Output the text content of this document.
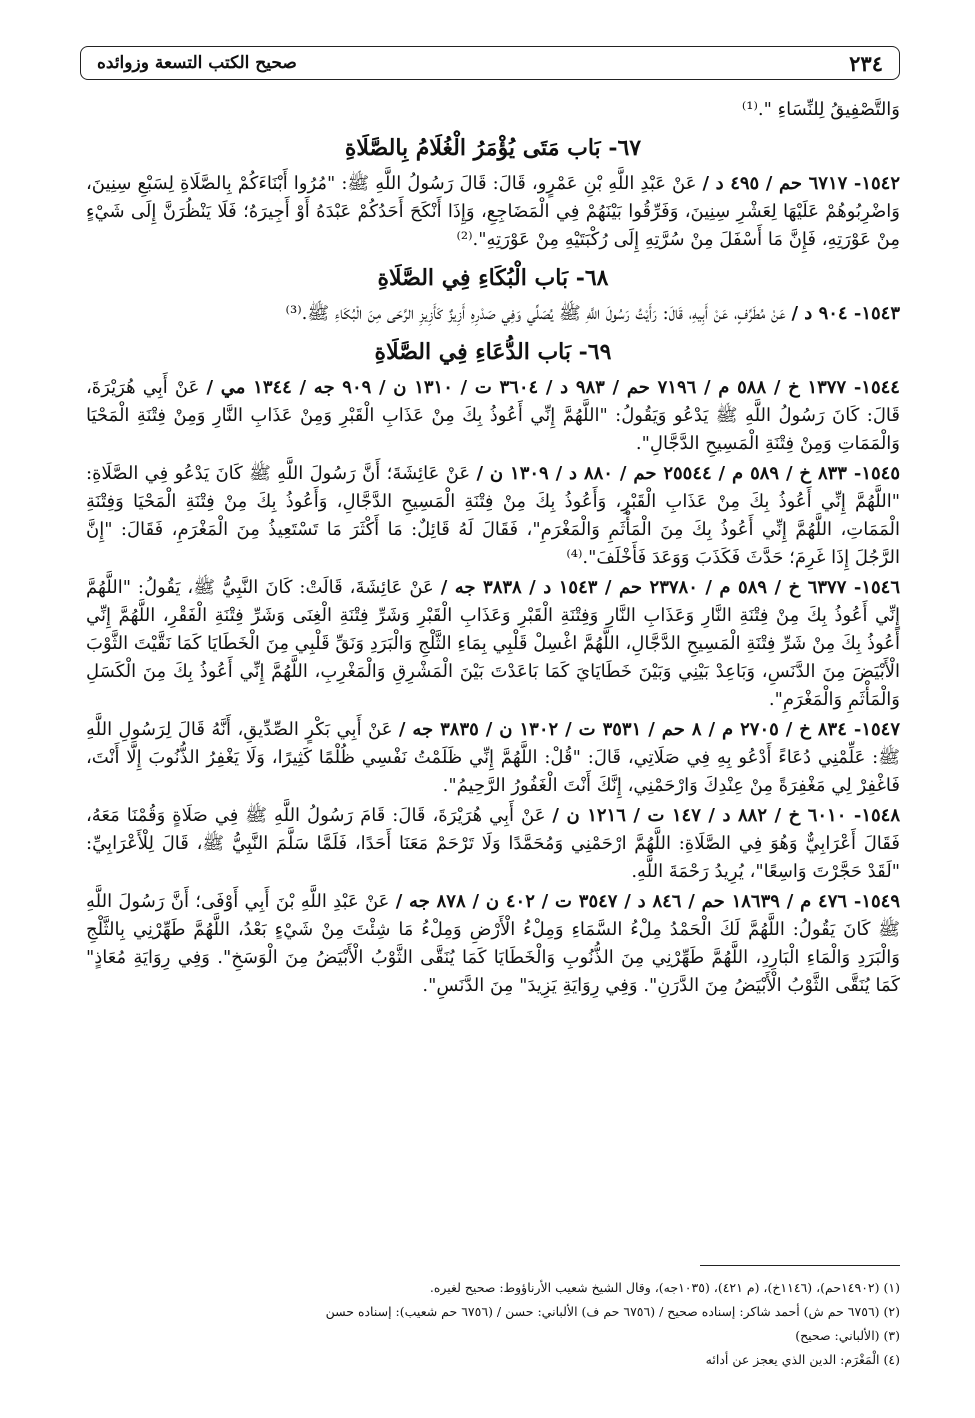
٢٣٤
صحيح الكتب التسعة وزوائده

وَالتَّصْفِيقُ لِلنِّسَاءِ ".⁽¹⁾

٦٧- بَاب مَتَى يُؤْمَرُ الْغُلَامُ بِالصَّلَاةِ

١٥٤٢- ٦٧١٧ حم / ٤٩٥ د / عَنْ عَبْدِ اللَّهِ بْنِ عَمْرٍو، قَالَ: قَالَ رَسُولُ اللَّهِ ﷺ: "مُرُوا أَبْنَاءَكُمْ بِالصَّلَاةِ لِسَبْعِ سِنِينَ، وَاضْرِبُوهُمْ عَلَيْهَا لِعَشْرِ سِنِينَ، وَفَرِّقُوا بَيْنَهُمْ فِي الْمَضَاجِعِ، وَإِذَا أَنْكَحَ أَحَدُكُمْ عَبْدَهُ أَوْ أَجِيرَهُ؛ فَلَا يَنْظُرَنَّ إِلَى شَيْءٍ مِنْ عَوْرَتِهِ، فَإِنَّ مَا أَسْفَلَ مِنْ سُرَّتِهِ إِلَى رُكْبَتَيْهِ مِنْ عَوْرَتِهِ".⁽²⁾

٦٨- بَاب الْبُكَاءِ فِي الصَّلَاةِ

١٥٤٣- ٩٠٤ د / عَنْ مُطَرِّفٍ، عَنْ أَبِيهِ، قَالَ: رَأَيْتُ رَسُولَ اللَّهِ ﷺ يُصَلِّي وَفِي صَدْرِهِ أَزِيزٌ كَأَزِيزِ الرَّحَى مِنَ الْبُكَاءِ ﷺ.⁽³⁾

٦٩- بَاب الدُّعَاءِ فِي الصَّلَاةِ

١٥٤٤- ١٣٧٧ خ / ٥٨٨ م / ٧١٩٦ حم / ٩٨٣ د / ٣٦٠٤ ت / ١٣١٠ ن / ٩٠٩ جه / ١٣٤٤ مي / عَنْ أَبِي هُرَيْرَةَ، قَالَ: كَانَ رَسُولُ اللَّهِ ﷺ يَدْعُو وَيَقُولُ: "اللَّهُمَّ إِنِّي أَعُوذُ بِكَ مِنْ عَذَابِ الْقَبْرِ وَمِنْ عَذَابِ النَّارِ وَمِنْ فِتْنَةِ الْمَحْيَا وَالْمَمَاتِ وَمِنْ فِتْنَةِ الْمَسِيحِ الدَّجَّالِ".

١٥٤٥- ٨٣٣ خ / ٥٨٩ م / ٢٥٥٤٤ حم / ٨٨٠ د / ١٣٠٩ ن / عَنْ عَائِشَةَ؛ أَنَّ رَسُولَ اللَّهِ ﷺ كَانَ يَدْعُو فِي الصَّلَاةِ: "اللَّهُمَّ إِنِّي أَعُوذُ بِكَ مِنْ عَذَابِ الْقَبْرِ، وَأَعُوذُ بِكَ مِنْ فِتْنَةِ الْمَسِيحِ الدَّجَّالِ، وَأَعُوذُ بِكَ مِنْ فِتْنَةِ الْمَحْيَا وَفِتْنَةِ الْمَمَاتِ، اللَّهُمَّ إِنِّي أَعُوذُ بِكَ مِنَ الْمَأْثَمِ وَالْمَغْرَمِ"، فَقَالَ لَهُ قَائِلٌ: مَا أَكْثَرَ مَا تَسْتَعِيذُ مِنَ الْمَغْرَمِ، فَقَالَ: "إِنَّ الرَّجُلَ إِذَا غَرِمَ؛ حَدَّثَ فَكَذَبَ وَوَعَدَ فَأَخْلَفَ".⁽⁴⁾

١٥٤٦- ٦٣٧٧ خ / ٥٨٩ م / ٢٣٧٨٠ حم / ١٥٤٣ د / ٣٨٣٨ جه / عَنْ عَائِشَةَ، قَالَتْ: كَانَ النَّبِيُّ ﷺ، يَقُولُ: "اللَّهُمَّ إِنِّي أَعُوذُ بِكَ مِنْ فِتْنَةِ النَّارِ وَعَذَابِ النَّارِ وَفِتْنَةِ الْقَبْرِ وَعَذَابِ الْقَبْرِ وَشَرِّ فِتْنَةِ الْغِنَى وَشَرِّ فِتْنَةِ الْفَقْرِ، اللَّهُمَّ إِنِّي أَعُوذُ بِكَ مِنْ شَرِّ فِتْنَةِ الْمَسِيحِ الدَّجَّالِ، اللَّهُمَّ اغْسِلْ قَلْبِي بِمَاءِ الثَّلْجِ وَالْبَرَدِ وَنَقِّ قَلْبِي مِنَ الْخَطَايَا كَمَا نَقَّيْتَ الثَّوْبَ الْأَبْيَضَ مِنَ الدَّنَسِ، وَبَاعِدْ بَيْنِي وَبَيْنَ خَطَايَايَ كَمَا بَاعَدْتَ بَيْنَ الْمَشْرِقِ وَالْمَغْرِبِ، اللَّهُمَّ إِنِّي أَعُوذُ بِكَ مِنَ الْكَسَلِ وَالْمَأْثَمِ وَالْمَغْرَمِ".

١٥٤٧- ٨٣٤ خ / ٢٧٠٥ م / ٨ حم / ٣٥٣١ ت / ١٣٠٢ ن / ٣٨٣٥ جه / عَنْ أَبِي بَكْرٍ الصِّدِّيقِ، أَنَّهُ قَالَ لِرَسُولِ اللَّهِ ﷺ: عَلِّمْنِي دُعَاءً أَدْعُو بِهِ فِي صَلَاتِي، قَالَ: "قُلْ: اللَّهُمَّ إِنِّي ظَلَمْتُ نَفْسِي ظُلْمًا كَثِيرًا، وَلَا يَغْفِرُ الذُّنُوبَ إِلَّا أَنْتَ، فَاغْفِرْ لِي مَغْفِرَةً مِنْ عِنْدِكَ وَارْحَمْنِي، إِنَّكَ أَنْتَ الْغَفُورُ الرَّحِيمُ".

١٥٤٨- ٦٠١٠ خ / ٨٨٢ د / ١٤٧ ت / ١٢١٦ ن / عَنْ أَبِي هُرَيْرَةَ، قَالَ: قَامَ رَسُولُ اللَّهِ ﷺ فِي صَلَاةٍ وَقُمْنَا مَعَهُ، فَقَالَ أَعْرَابِيٌّ وَهُوَ فِي الصَّلَاةِ: اللَّهُمَّ ارْحَمْنِي وَمُحَمَّدًا وَلَا تَرْحَمْ مَعَنَا أَحَدًا، فَلَمَّا سَلَّمَ النَّبِيُّ ﷺ، قَالَ لِلْأَعْرَابِيِّ: "لَقَدْ حَجَّرْتَ وَاسِعًا"، يُرِيدُ رَحْمَةَ اللَّهِ.

١٥٤٩- ٤٧٦ م / ١٨٦٣٩ حم / ٨٤٦ د / ٣٥٤٧ ت / ٤٠٢ ن / ٨٧٨ جه / عَنْ عَبْدِ اللَّهِ بْنَ أَبِي أَوْفَى؛ أَنَّ رَسُولَ اللَّهِ ﷺ كَانَ يَقُولُ: اللَّهُمَّ لَكَ الْحَمْدُ مِلْءُ السَّمَاءِ وَمِلْءُ الْأَرْضِ وَمِلْءُ مَا شِئْتَ مِنْ شَيْءٍ بَعْدُ، اللَّهُمَّ طَهِّرْنِي بِالثَّلْجِ وَالْبَرَدِ وَالْمَاءِ الْبَارِدِ، اللَّهُمَّ طَهِّرْنِي مِنَ الذُّنُوبِ وَالْخَطَايَا كَمَا يُنَقَّى الثَّوْبُ الْأَبْيَضُ مِنَ الْوَسَخِ". وَفِي رِوَايَةِ مُعَاذٍ" كَمَا يُنَقَّى الثَّوْبُ الْأَبْيَضُ مِنَ الدَّرَنِ". وَفِي رِوَايَةِ يَزِيدَ" مِنَ الدَّنَسِ".

(١) (١٤٩٠٢حم)، (١١٤٦خ)، (م ٤٢١)، (١٠٣٥جه)، وقال الشيخ شعيب الأرناؤوط: صحيح لغيره.
(٢) (٦٧٥٦ حم ش) أحمد شاكر: إسناده صحيح / (٦٧٥٦ حم ف) الألباني: حسن / (٦٧٥٦ حم شعيب): إسناده حسن
(٣) (الألباني: صحيح)
(٤) الْمَغْرَم: الدين الذي يعجز عن أدائه
